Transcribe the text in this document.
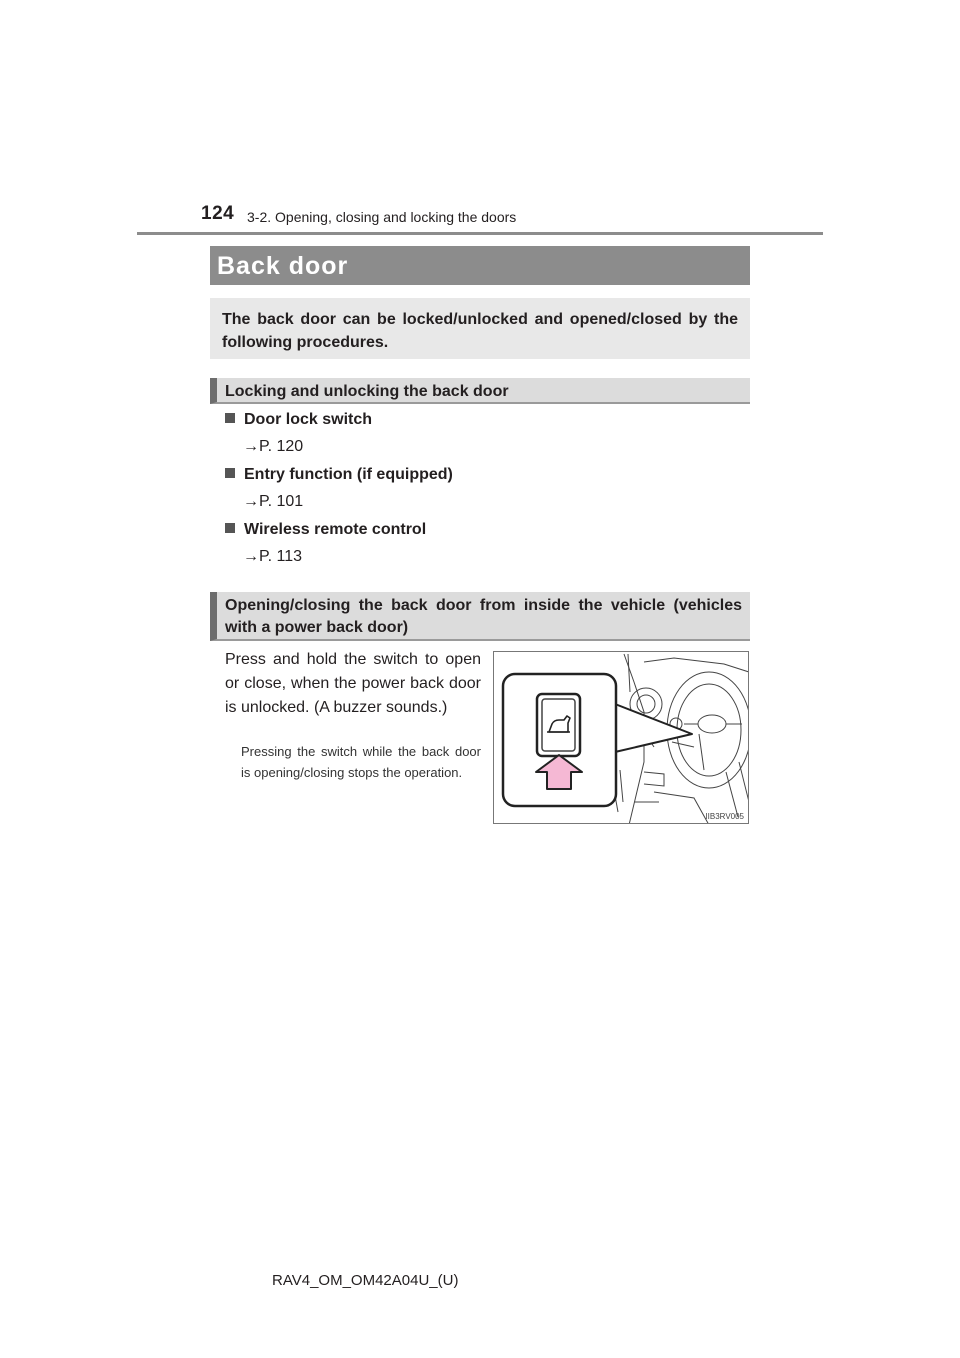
124 3-2. Opening, closing and locking the doors
Back door
The back door can be locked/unlocked and opened/closed by the following procedures.
Locking and unlocking the back door
Door lock switch
→P. 120
Entry function (if equipped)
→P. 101
Wireless remote control
→P. 113
Opening/closing the back door from inside the vehicle (vehicles with a power back door)
Press and hold the switch to open or close, when the power back door is unlocked. (A buzzer sounds.)
Pressing the switch while the back door is opening/closing stops the operation.
IIB3RV005
RAV4_OM_OM42A04U_(U)
